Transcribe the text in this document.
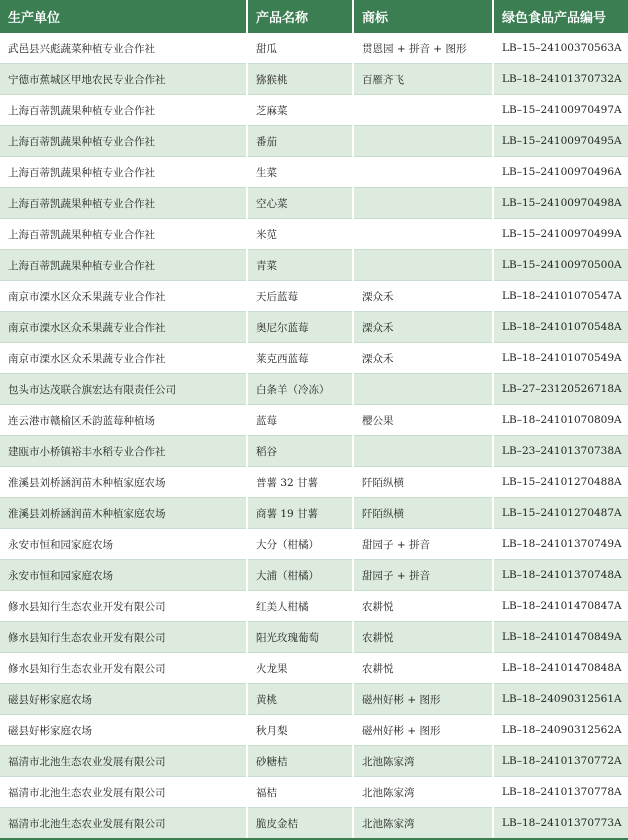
生产单位	产品名称	商标	绿色食品产品编号
武邑县兴彪蔬菜种植专业合作社	甜瓜	贯恩园 + 拼音 + 图形	LB–15–24100370563A
宁德市蕉城区甲地农民专业合作社	猕猴桃	百雁齐飞	LB–18–24101370732A
上海百蒂凯蔬果种植专业合作社	芝麻菜		LB–15–24100970497A
上海百蒂凯蔬果种植专业合作社	番茄		LB–15–24100970495A
上海百蒂凯蔬果种植专业合作社	生菜		LB–15–24100970496A
上海百蒂凯蔬果种植专业合作社	空心菜		LB–15–24100970498A
上海百蒂凯蔬果种植专业合作社	米苋		LB–15–24100970499A
上海百蒂凯蔬果种植专业合作社	青菜		LB–15–24100970500A
南京市溧水区众禾果蔬专业合作社	天后蓝莓	溧众禾	LB–18–24101070547A
南京市溧水区众禾果蔬专业合作社	奥尼尔蓝莓	溧众禾	LB–18–24101070548A
南京市溧水区众禾果蔬专业合作社	莱克西蓝莓	溧众禾	LB–18–24101070549A
包头市达茂联合旗宏达有限责任公司	白条羊（冷冻）		LB–27–23120526718A
连云港市赣榆区禾韵蓝莓种植场	蓝莓	樱公果	LB–18–24101070809A
建瓯市小桥镇裕丰水稻专业合作社	稻谷		LB–23–24101370738A
淮溪县刘桥涵润苗木种植家庭农场	普薯 32 甘薯	阡陌纵横	LB–15–24101270488A
淮溪县刘桥涵润苗木种植家庭农场	商薯 19 甘薯	阡陌纵横	LB–15–24101270487A
永安市恒和园家庭农场	大分（柑橘）	甜园子 + 拼音	LB–18–24101370749A
永安市恒和园家庭农场	大浦（柑橘）	甜园子 + 拼音	LB–18–24101370748A
修水县知行生态农业开发有限公司	红美人柑橘	农耕悦	LB–18–24101470847A
修水县知行生态农业开发有限公司	阳光玫瑰葡萄	农耕悦	LB–18–24101470849A
修水县知行生态农业开发有限公司	火龙果	农耕悦	LB–18–24101470848A
磁县好彬家庭农场	黄桃	磁州好彬 + 图形	LB–18–24090312561A
磁县好彬家庭农场	秋月梨	磁州好彬 + 图形	LB–18–24090312562A
福清市北池生态农业发展有限公司	砂糖桔	北池陈家湾	LB–18–24101370772A
福清市北池生态农业发展有限公司	福桔	北池陈家湾	LB–18–24101370778A
福清市北池生态农业发展有限公司	脆皮金桔	北池陈家湾	LB–18–24101370773A
